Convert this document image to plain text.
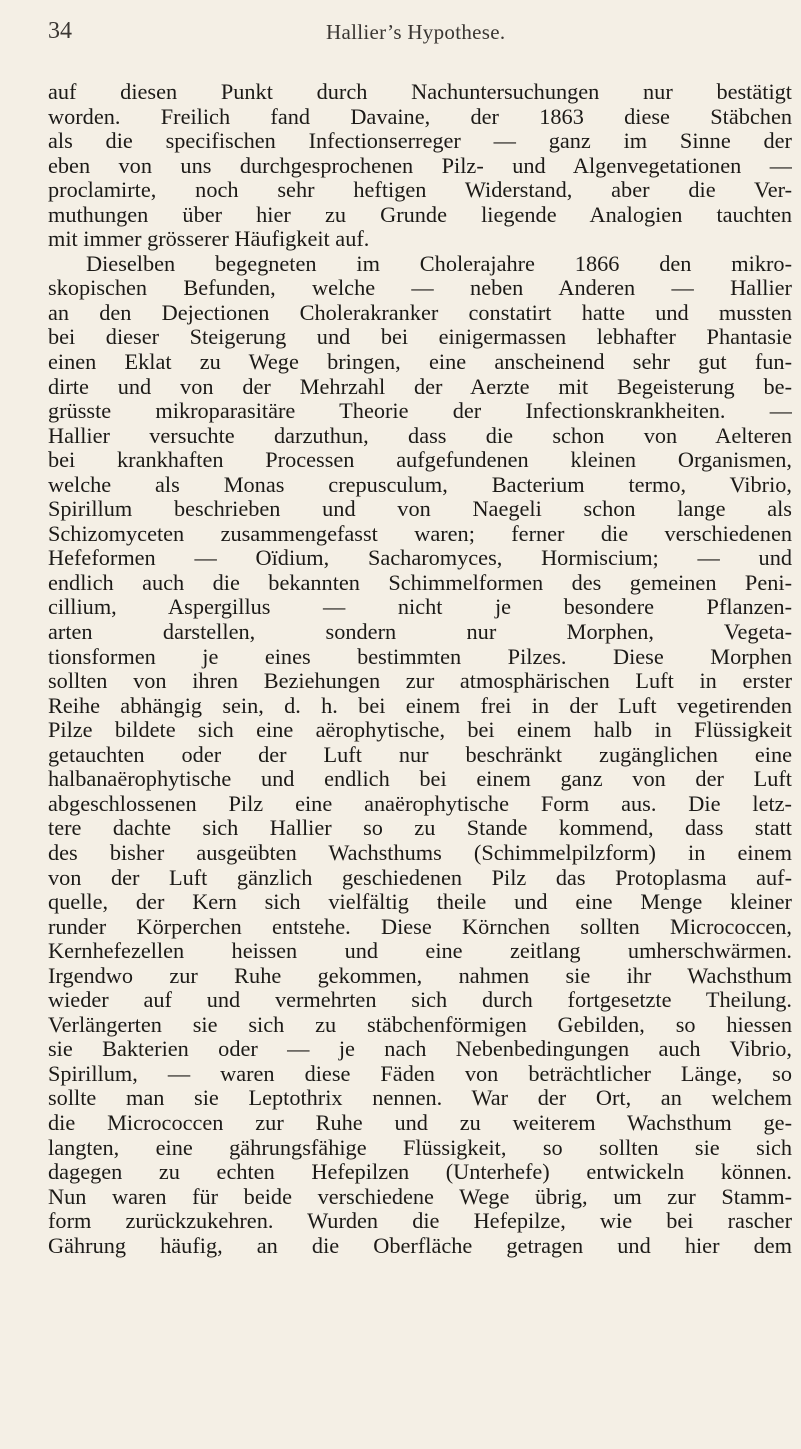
34	Hallier’s Hypothese.
auf diesen Punkt durch Nachuntersuchungen nur bestätigt
worden. Freilich fand Davaine, der 1863 diese Stäbchen
als die specifischen Infectionserreger — ganz im Sinne der
eben von uns durchgesprochenen Pilz- und Algenvegetationen —
proclamirte, noch sehr heftigen Widerstand, aber die Ver-
muthungen über hier zu Grunde liegende Analogien tauchten
mit immer grösserer Häufigkeit auf.
Dieselben begegneten im Cholerajahre 1866 den mikro-
skopischen Befunden, welche — neben Anderen — Hallier
an den Dejectionen Cholerakranker constatirt hatte und mussten
bei dieser Steigerung und bei einigermassen lebhafter Phantasie
einen Eklat zu Wege bringen, eine anscheinend sehr gut fun-
dirte und von der Mehrzahl der Aerzte mit Begeisterung be-
grüsste mikroparasitäre Theorie der Infectionskrankheiten. —
Hallier versuchte darzuthun, dass die schon von Aelteren
bei krankhaften Processen aufgefundenen kleinen Organismen,
welche als Monas crepusculum, Bacterium termo, Vibrio,
Spirillum beschrieben und von Naegeli schon lange als
Schizomyceten zusammengefasst waren; ferner die verschiedenen
Hefeformen — Oïdium, Sacharomyces, Hormiscium; — und
endlich auch die bekannten Schimmelformen des gemeinen Peni-
cillium, Aspergillus — nicht je besondere Pflanzen-
arten darstellen, sondern nur Morphen, Vegeta-
tionsformen je eines bestimmten Pilzes. Diese Morphen
sollten von ihren Beziehungen zur atmosphärischen Luft in erster
Reihe abhängig sein, d. h. bei einem frei in der Luft vegetirenden
Pilze bildete sich eine aërophytische, bei einem halb in Flüssigkeit
getauchten oder der Luft nur beschränkt zugänglichen eine
halbanaërophytische und endlich bei einem ganz von der Luft
abgeschlossenen Pilz eine anaërophytische Form aus. Die letz-
tere dachte sich Hallier so zu Stande kommend, dass statt
des bisher ausgeübten Wachsthums (Schimmelpilzform) in einem
von der Luft gänzlich geschiedenen Pilz das Protoplasma auf-
quelle, der Kern sich vielfältig theile und eine Menge kleiner
runder Körperchen entstehe. Diese Körnchen sollten Micrococcen,
Kernhefezellen heissen und eine zeitlang umherschwärmen.
Irgendwo zur Ruhe gekommen, nahmen sie ihr Wachsthum
wieder auf und vermehrten sich durch fortgesetzte Theilung.
Verlängerten sie sich zu stäbchenförmigen Gebilden, so hiessen
sie Bakterien oder — je nach Nebenbedingungen auch Vibrio,
Spirillum, — waren diese Fäden von beträchtlicher Länge, so
sollte man sie Leptothrix nennen. War der Ort, an welchem
die Micrococcen zur Ruhe und zu weiterem Wachsthum ge-
langten, eine gährungsfähige Flüssigkeit, so sollten sie sich
dagegen zu echten Hefepilzen (Unterhefe) entwickeln können.
Nun waren für beide verschiedene Wege übrig, um zur Stamm-
form zurückzukehren. Wurden die Hefepilze, wie bei rascher
Gährung häufig, an die Oberfläche getragen und hier dem
